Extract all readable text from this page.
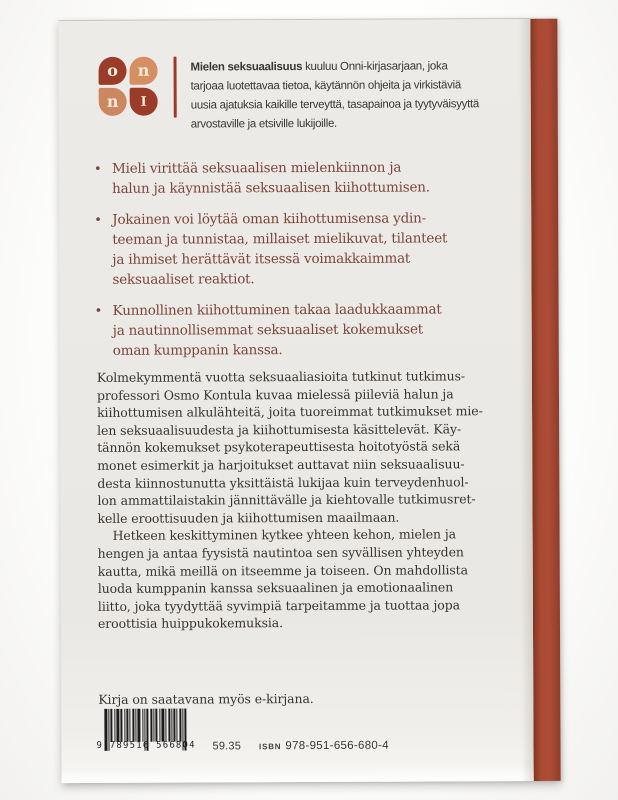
o n
n I

Mielen seksuaalisuus kuuluu Onni-kirjasarjaan, joka
tarjoaa luotettavaa tietoa, käytännön ohjeita ja virkistäviä
uusia ajatuksia kaikille terveyttä, tasapainoa ja tyytyväisyyttä
arvostaville ja etsiville lukijoille.

• Mieli virittää seksuaalisen mielenkiinnon ja
halun ja käynnistää seksuaalisen kiihottumisen.
• Jokainen voi löytää oman kiihottumisensa ydin-
teeman ja tunnistaa, millaiset mielikuvat, tilanteet
ja ihmiset herättävät itsessä voimakkaimmat
seksuaaliset reaktiot.
• Kunnollinen kiihottuminen takaa laadukkaammat
ja nautinnollisemmat seksuaaliset kokemukset
oman kumppanin kanssa.

Kolmekymmentä vuotta seksuaaliasioita tutkinut tutkimus-
professori Osmo Kontula kuvaa mielessä piileviä halun ja
kiihottumisen alkulähteitä, joita tuoreimmat tutkimukset mie-
len seksuaalisuudesta ja kiihottumisesta käsittelevät. Käy-
tännön kokemukset psykoterapeuttisesta hoitotyöstä sekä
monet esimerkit ja harjoitukset auttavat niin seksuaalisuu-
desta kiinnostunutta yksittäistä lukijaa kuin terveydenhuol-
lon ammattilaistakin jännittävälle ja kiehtovalle tutkimusret-
kelle eroottisuuden ja kiihottumisen maailmaan.

Hetkeen keskittyminen kytkee yhteen kehon, mielen ja
hengen ja antaa fyysistä nautintoa sen syvällisen yhteyden
kautta, mikä meillä on itseemme ja toiseen. On mahdollista
luoda kumppanin kanssa seksuaalinen ja emotionaalinen
liitto, joka tyydyttää syvimpiä tarpeitamme ja tuottaa jopa
eroottisia huippukokemuksia.

Kirja on saatavana myös e-kirjana.

9 789516 566804 59.35 ISBN 978-951-656-680-4
